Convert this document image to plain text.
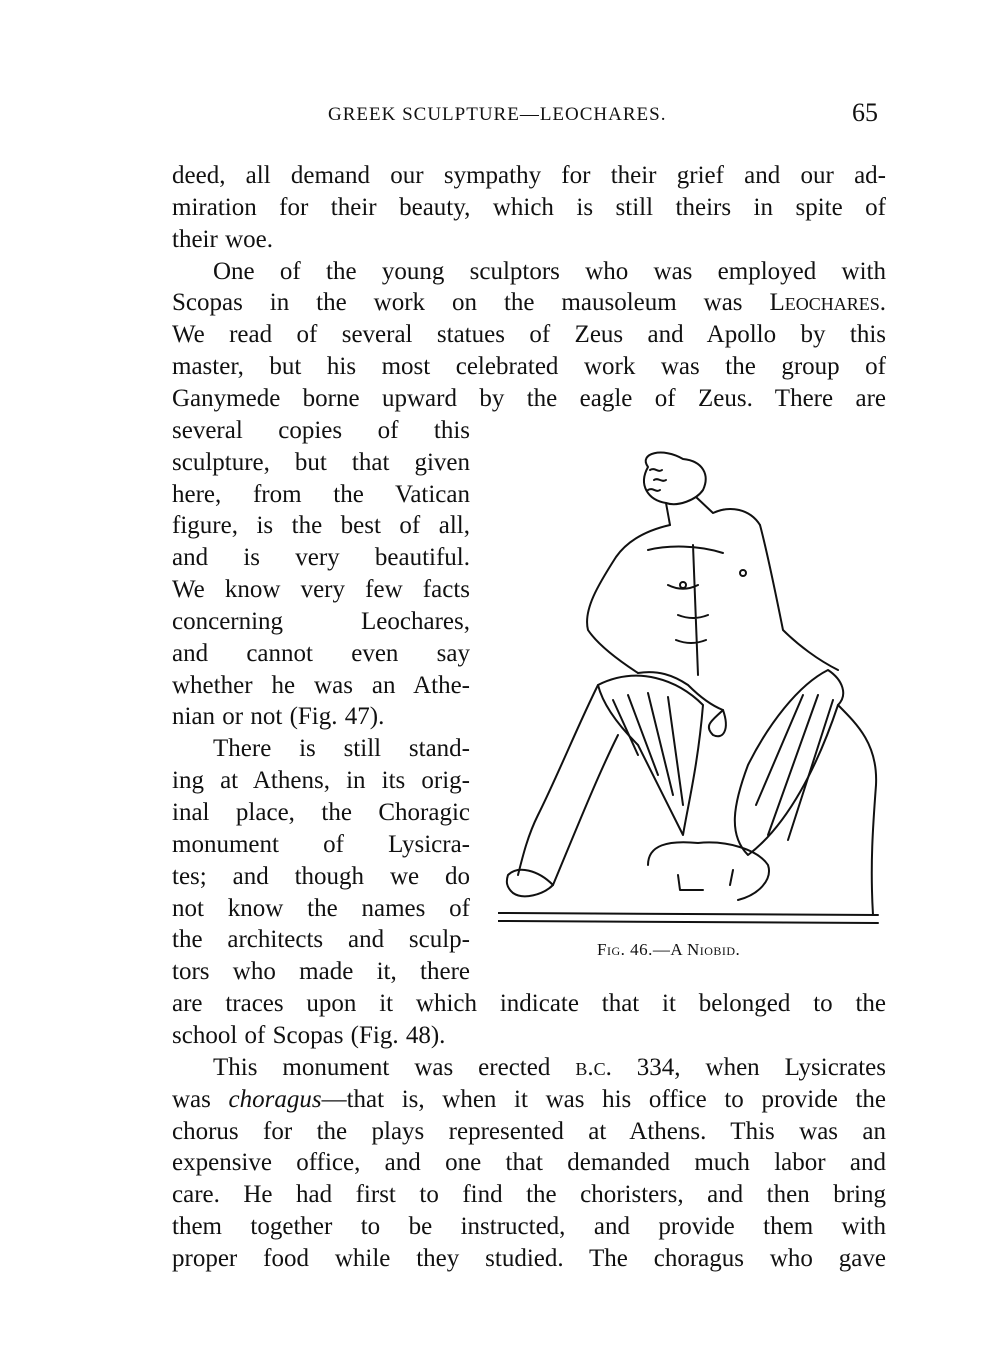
GREEK SCULPTURE—LEOCHARES.	65
deed, all demand our sympathy for their grief and our ad-
miration for their beauty, which is still theirs in spite of
their woe.
One of the young sculptors who was employed with
Scopas in the work on the mausoleum was Leochares.
We read of several statues of Zeus and Apollo by this
master, but his most celebrated work was the group of
Ganymede borne upward by the eagle of Zeus. There are
several copies of this
sculpture, but that given
here, from the Vatican
figure, is the best of all,
and is very beautiful.
We know very few facts
concerning Leochares,
and cannot even say
whether he was an Athe-
nian or not (Fig. 47).
There is still stand-
ing at Athens, in its orig-
inal place, the Choragic
monument of Lysicra-
tes; and though we do
not know the names of
the architects and sculp-
tors who made it, there
are traces upon it which indicate that it belonged to the
school of Scopas (Fig. 48).
This monument was erected b.c. 334, when Lysicrates
was choragus—that is, when it was his office to provide the
chorus for the plays represented at Athens. This was an
expensive office, and one that demanded much labor and
care. He had first to find the choristers, and then bring
them together to be instructed, and provide them with
proper food while they studied. The choragus who gave
Fig. 46.—A Niobid.
